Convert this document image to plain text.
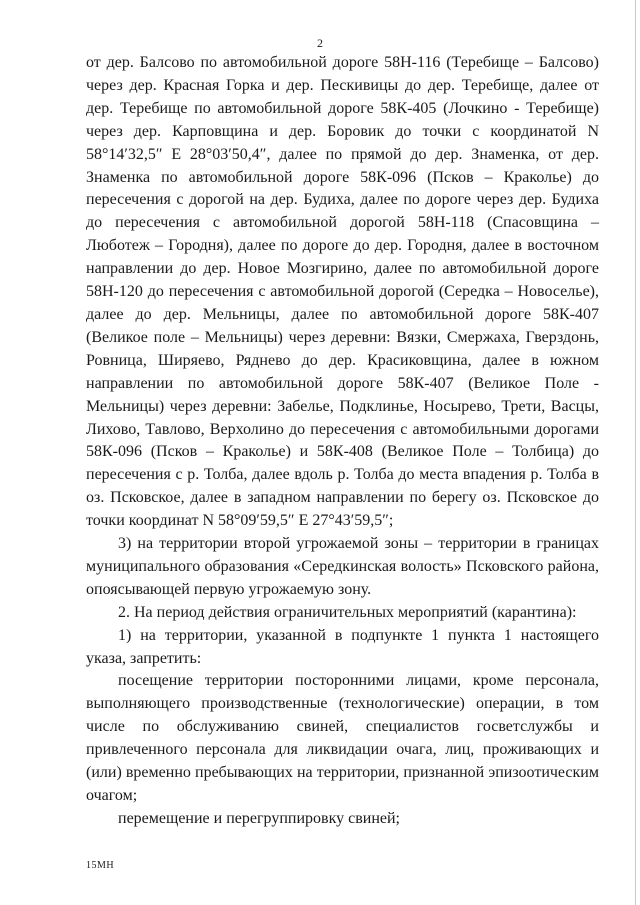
2

от дер. Балсово по автомобильной дороге 58Н-116 (Теребище – Балсово) через дер. Красная Горка и дер. Пескивицы до дер. Теребище, далее от дер. Теребище по автомобильной дороге 58К-405 (Лочкино - Теребище) через дер. Карповщина и дер. Боровик до точки с координатой N 58°14′32,5″ E 28°03′50,4″, далее по прямой до дер. Знаменка, от дер. Знаменка по автомобильной дороге 58К-096 (Псков – Краколье) до пересечения с дорогой на дер. Будиха, далее по дороге через дер. Будиха до пересечения с автомобильной дорогой 58Н-118 (Спасовщина – Люботеж – Городня), далее по дороге до дер. Городня, далее в восточном направлении до дер. Новое Мозгирино, далее по автомобильной дороге 58Н-120 до пересечения с автомобильной дорогой (Середка – Новоселье), далее до дер. Мельницы, далее по автомобильной дороге 58К-407 (Великое поле – Мельницы) через деревни: Вязки, Смержаха, Гверздонь, Ровница, Ширяево, Ряднево до дер. Красиковщина, далее в южном направлении по автомобильной дороге 58К-407 (Великое Поле - Мельницы) через деревни: Забелье, Подклинье, Носырево, Трети, Васцы, Лихово, Тавлово, Верхолино до пересечения с автомобильными дорогами 58К-096 (Псков – Краколье) и 58К-408 (Великое Поле – Толбица) до пересечения с р. Толба, далее вдоль р. Толба до места впадения р. Толба в оз. Псковское, далее в западном направлении по берегу оз. Псковское до точки координат N 58°09′59,5″ E 27°43′59,5″;

3) на территории второй угрожаемой зоны – территории в границах муниципального образования «Середкинская волость» Псковского района, опоясывающей первую угрожаемую зону.

2. На период действия ограничительных мероприятий (карантина):

1) на территории, указанной в подпункте 1 пункта 1 настоящего указа, запретить:

посещение территории посторонними лицами, кроме персонала, выполняющего производственные (технологические) операции, в том числе по обслуживанию свиней, специалистов госветслужбы и привлеченного персонала для ликвидации очага, лиц, проживающих и (или) временно пребывающих на территории, признанной эпизоотическим очагом;

перемещение и перегруппировку свиней;

15МН
